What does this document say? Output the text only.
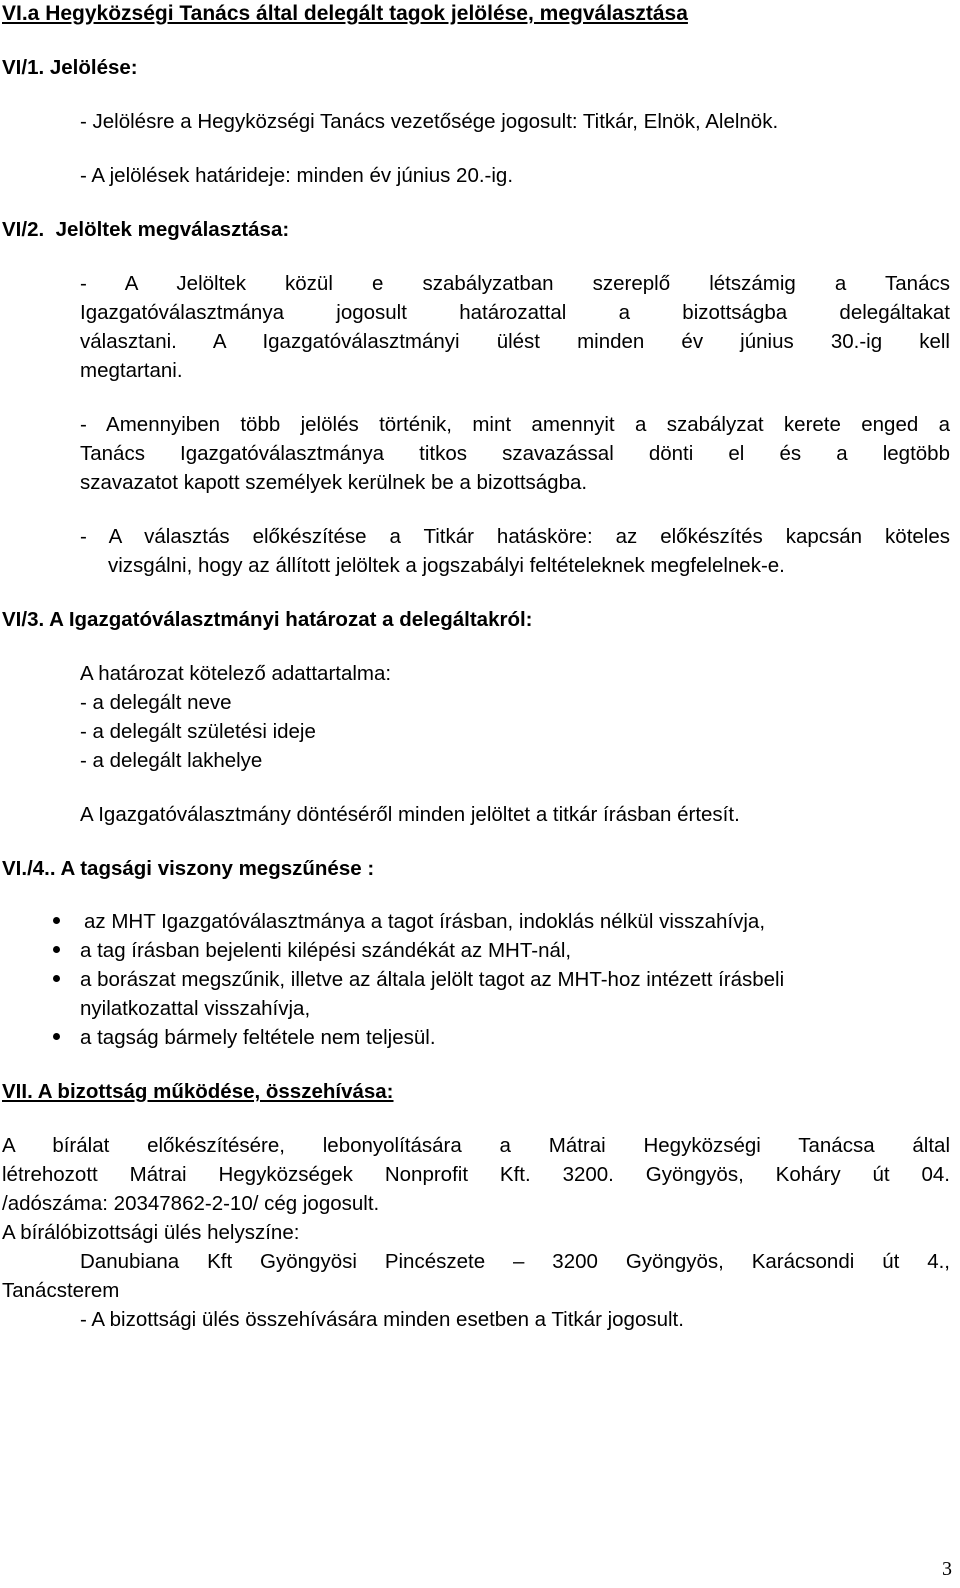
VI.a Hegyközségi Tanács által delegált tagok jelölése, megválasztása
VI/1. Jelölése:
- Jelölésre a Hegyközségi Tanács vezetősége jogosult: Titkár, Elnök, Alelnök.
- A jelölések határideje: minden év június 20.-ig.
VI/2. Jelöltek megválasztása:
- A Jelöltek közül e szabályzatban szereplő létszámig a Tanács
Igazgatóválasztmánya jogosult határozattal a bizottságba delegáltakat
választani. A Igazgatóválasztmányi ülést minden év június 30.-ig kell
megtartani.
- Amennyiben több jelölés történik, mint amennyit a szabályzat kerete enged a
Tanács Igazgatóválasztmánya titkos szavazással dönti el és a legtöbb
szavazatot kapott személyek kerülnek be a bizottságba.
- A választás előkészítése a Titkár hatásköre: az előkészítés kapcsán köteles
vizsgálni, hogy az állított jelöltek a jogszabályi feltételeknek megfelelnek-e.
VI/3. A Igazgatóválasztmányi határozat a delegáltakról:
A határozat kötelező adattartalma:
- a delegált neve
- a delegált születési ideje
- a delegált lakhelye
A Igazgatóválasztmány döntéséről minden jelöltet a titkár írásban értesít.
VI./4.. A tagsági viszony megszűnése :
az MHT Igazgatóválasztmánya a tagot írásban, indoklás nélkül visszahívja,
a tag írásban bejelenti kilépési szándékát az MHT-nál,
a borászat megszűnik, illetve az általa jelölt tagot az MHT-hoz intézett írásbeli
nyilatkozattal visszahívja,
a tagság bármely feltétele nem teljesül.
VII. A bizottság működése, összehívása:
A bírálat előkészítésére, lebonyolítására a Mátrai Hegyközségi Tanácsa által
létrehozott Mátrai Hegyközségek Nonprofit Kft. 3200. Gyöngyös, Koháry út 04.
/adószáma: 20347862-2-10/ cég jogosult.
A bírálóbizottsági ülés helyszíne:
Danubiana Kft Gyöngyösi Pincészete – 3200 Gyöngyös, Karácsondi út 4.,
Tanácsterem
- A bizottsági ülés összehívására minden esetben a Titkár jogosult.
3
